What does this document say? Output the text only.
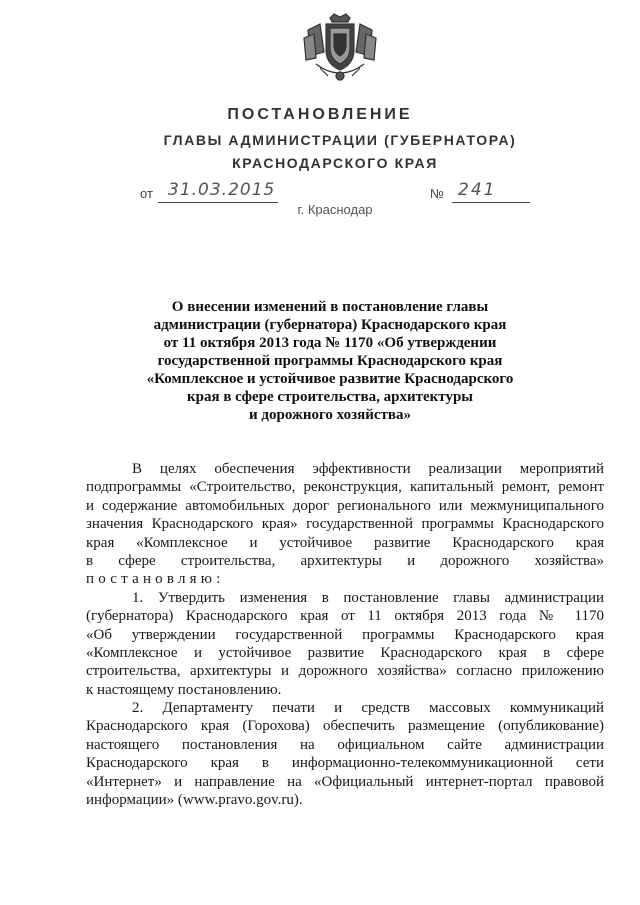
ПОСТАНОВЛЕНИЕ
ГЛАВЫ АДМИНИСТРАЦИИ (ГУБЕРНАТОРА)
КРАСНОДАРСКОГО КРАЯ
от 31.03.2015	№ 241
г. Краснодар
О внесении изменений в постановление главы
администрации (губернатора) Краснодарского края
от 11 октября 2013 года № 1170 «Об утверждении
государственной программы Краснодарского края
«Комплексное и устойчивое развитие Краснодарского
края в сфере строительства, архитектуры
и дорожного хозяйства»
В целях обеспечения эффективности реализации мероприятий
подпрограммы «Строительство, реконструкция, капитальный ремонт, ремонт
и содержание автомобильных дорог регионального или межмуниципального
значения Краснодарского края» государственной программы Краснодарского
края «Комплексное и устойчивое развитие Краснодарского края
в сфере строительства, архитектуры и дорожного хозяйства»
постановляю:
1. Утвердить изменения в постановление главы администрации
(губернатора) Краснодарского края от 11 октября 2013 года № 1170
«Об утверждении государственной программы Краснодарского края
«Комплексное и устойчивое развитие Краснодарского края в сфере
строительства, архитектуры и дорожного хозяйства» согласно приложению
к настоящему постановлению.
2. Департаменту печати и средств массовых коммуникаций
Краснодарского края (Горохова) обеспечить размещение (опубликование)
настоящего постановления на официальном сайте администрации
Краснодарского края в информационно-телекоммуникационной сети
«Интернет» и направление на «Официальный интернет-портал правовой
информации» (www.pravo.gov.ru).
